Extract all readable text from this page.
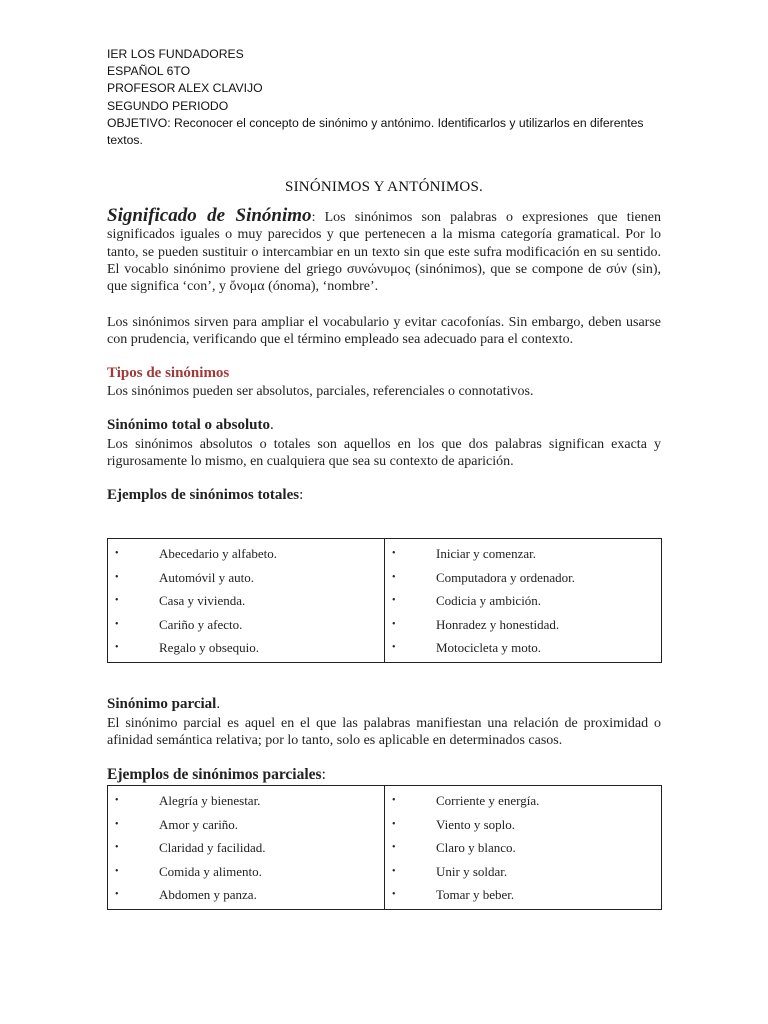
IER LOS FUNDADORES
ESPAÑOL 6TO
PROFESOR ALEX CLAVIJO
SEGUNDO PERIODO
OBJETIVO: Reconocer el concepto de sinónimo y antónimo. Identificarlos y utilizarlos en diferentes textos.
SINÓNIMOS Y ANTÓNIMOS.
Significado de Sinónimo: Los sinónimos son palabras o expresiones que tienen significados iguales o muy parecidos y que pertenecen a la misma categoría gramatical. Por lo tanto, se pueden sustituir o intercambiar en un texto sin que este sufra modificación en su sentido. El vocablo sinónimo proviene del griego συνώνυμος (sinónimos), que se compone de σύν (sin), que significa ‘con’, y ὄνομα (ónoma), ‘nombre’.
Los sinónimos sirven para ampliar el vocabulario y evitar cacofonías. Sin embargo, deben usarse con prudencia, verificando que el término empleado sea adecuado para el contexto.
Tipos de sinónimos
Los sinónimos pueden ser absolutos, parciales, referenciales o connotativos.
Sinónimo total o absoluto.
Los sinónimos absolutos o totales son aquellos en los que dos palabras significan exacta y rigurosamente lo mismo, en cualquiera que sea su contexto de aparición.
Ejemplos de sinónimos totales:
•	Abecedario y alfabeto.
•	Automóvil y auto.
•	Casa y vivienda.
•	Cariño y afecto.
•	Regalo y obsequio.

•	Iniciar y comenzar.
•	Computadora y ordenador.
•	Codicia y ambición.
•	Honradez y honestidad.
•	Motocicleta y moto.
Sinónimo parcial.
El sinónimo parcial es aquel en el que las palabras manifiestan una relación de proximidad o afinidad semántica relativa; por lo tanto, solo es aplicable en determinados casos.
Ejemplos de sinónimos parciales:
•	Alegría y bienestar.
•	Amor y cariño.
•	Claridad y facilidad.
•	Comida y alimento.
•	Abdomen y panza.

•	Corriente y energía.
•	Viento y soplo.
•	Claro y blanco.
•	Unir y soldar.
•	Tomar y beber.
